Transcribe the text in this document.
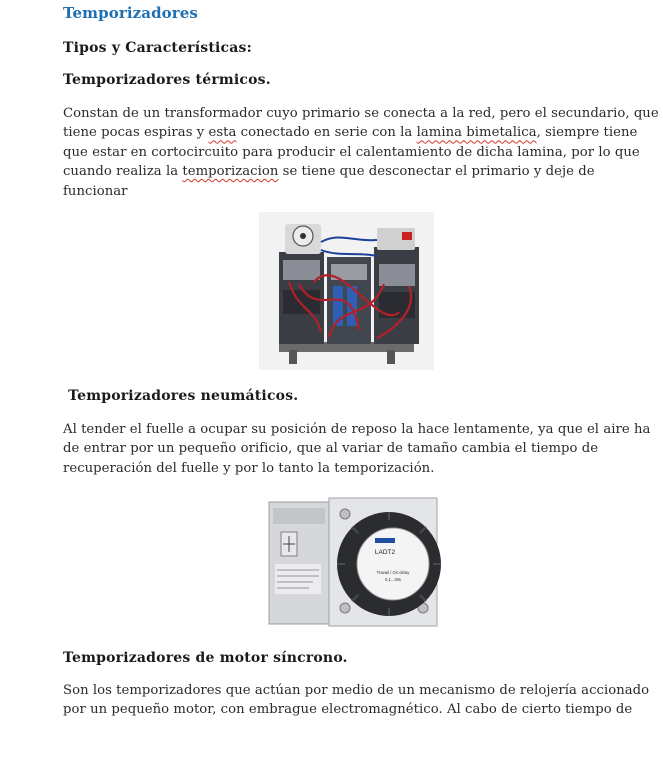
Temporizadores
Tipos y Características:
Temporizadores térmicos.
Constan de un transformador cuyo primario se conecta a la red, pero el secundario, que
tiene pocas espiras y esta conectado en serie con la lamina bimetalica, siempre tiene
que estar en cortocircuito para producir el calentamiento de dicha lamina, por lo que
cuando realiza la temporizacion se tiene que desconectar el primario y deje de
funcionar
Temporizadores neumáticos.
Al tender el fuelle a ocupar su posición de reposo la hace lentamente, ya que el aire ha
de entrar por un pequeño orificio, que al variar de tamaño cambia el tiempo de
recuperación del fuelle y por lo tanto la temporización.
LADT2
Travail / On delay
0,1...30s
5.1
67
Temporizadores de motor síncrono.
Son los temporizadores que actúan por medio de un mecanismo de relojería accionado
por un pequeño motor, con embrague electromagnético. Al cabo de cierto tiempo de
